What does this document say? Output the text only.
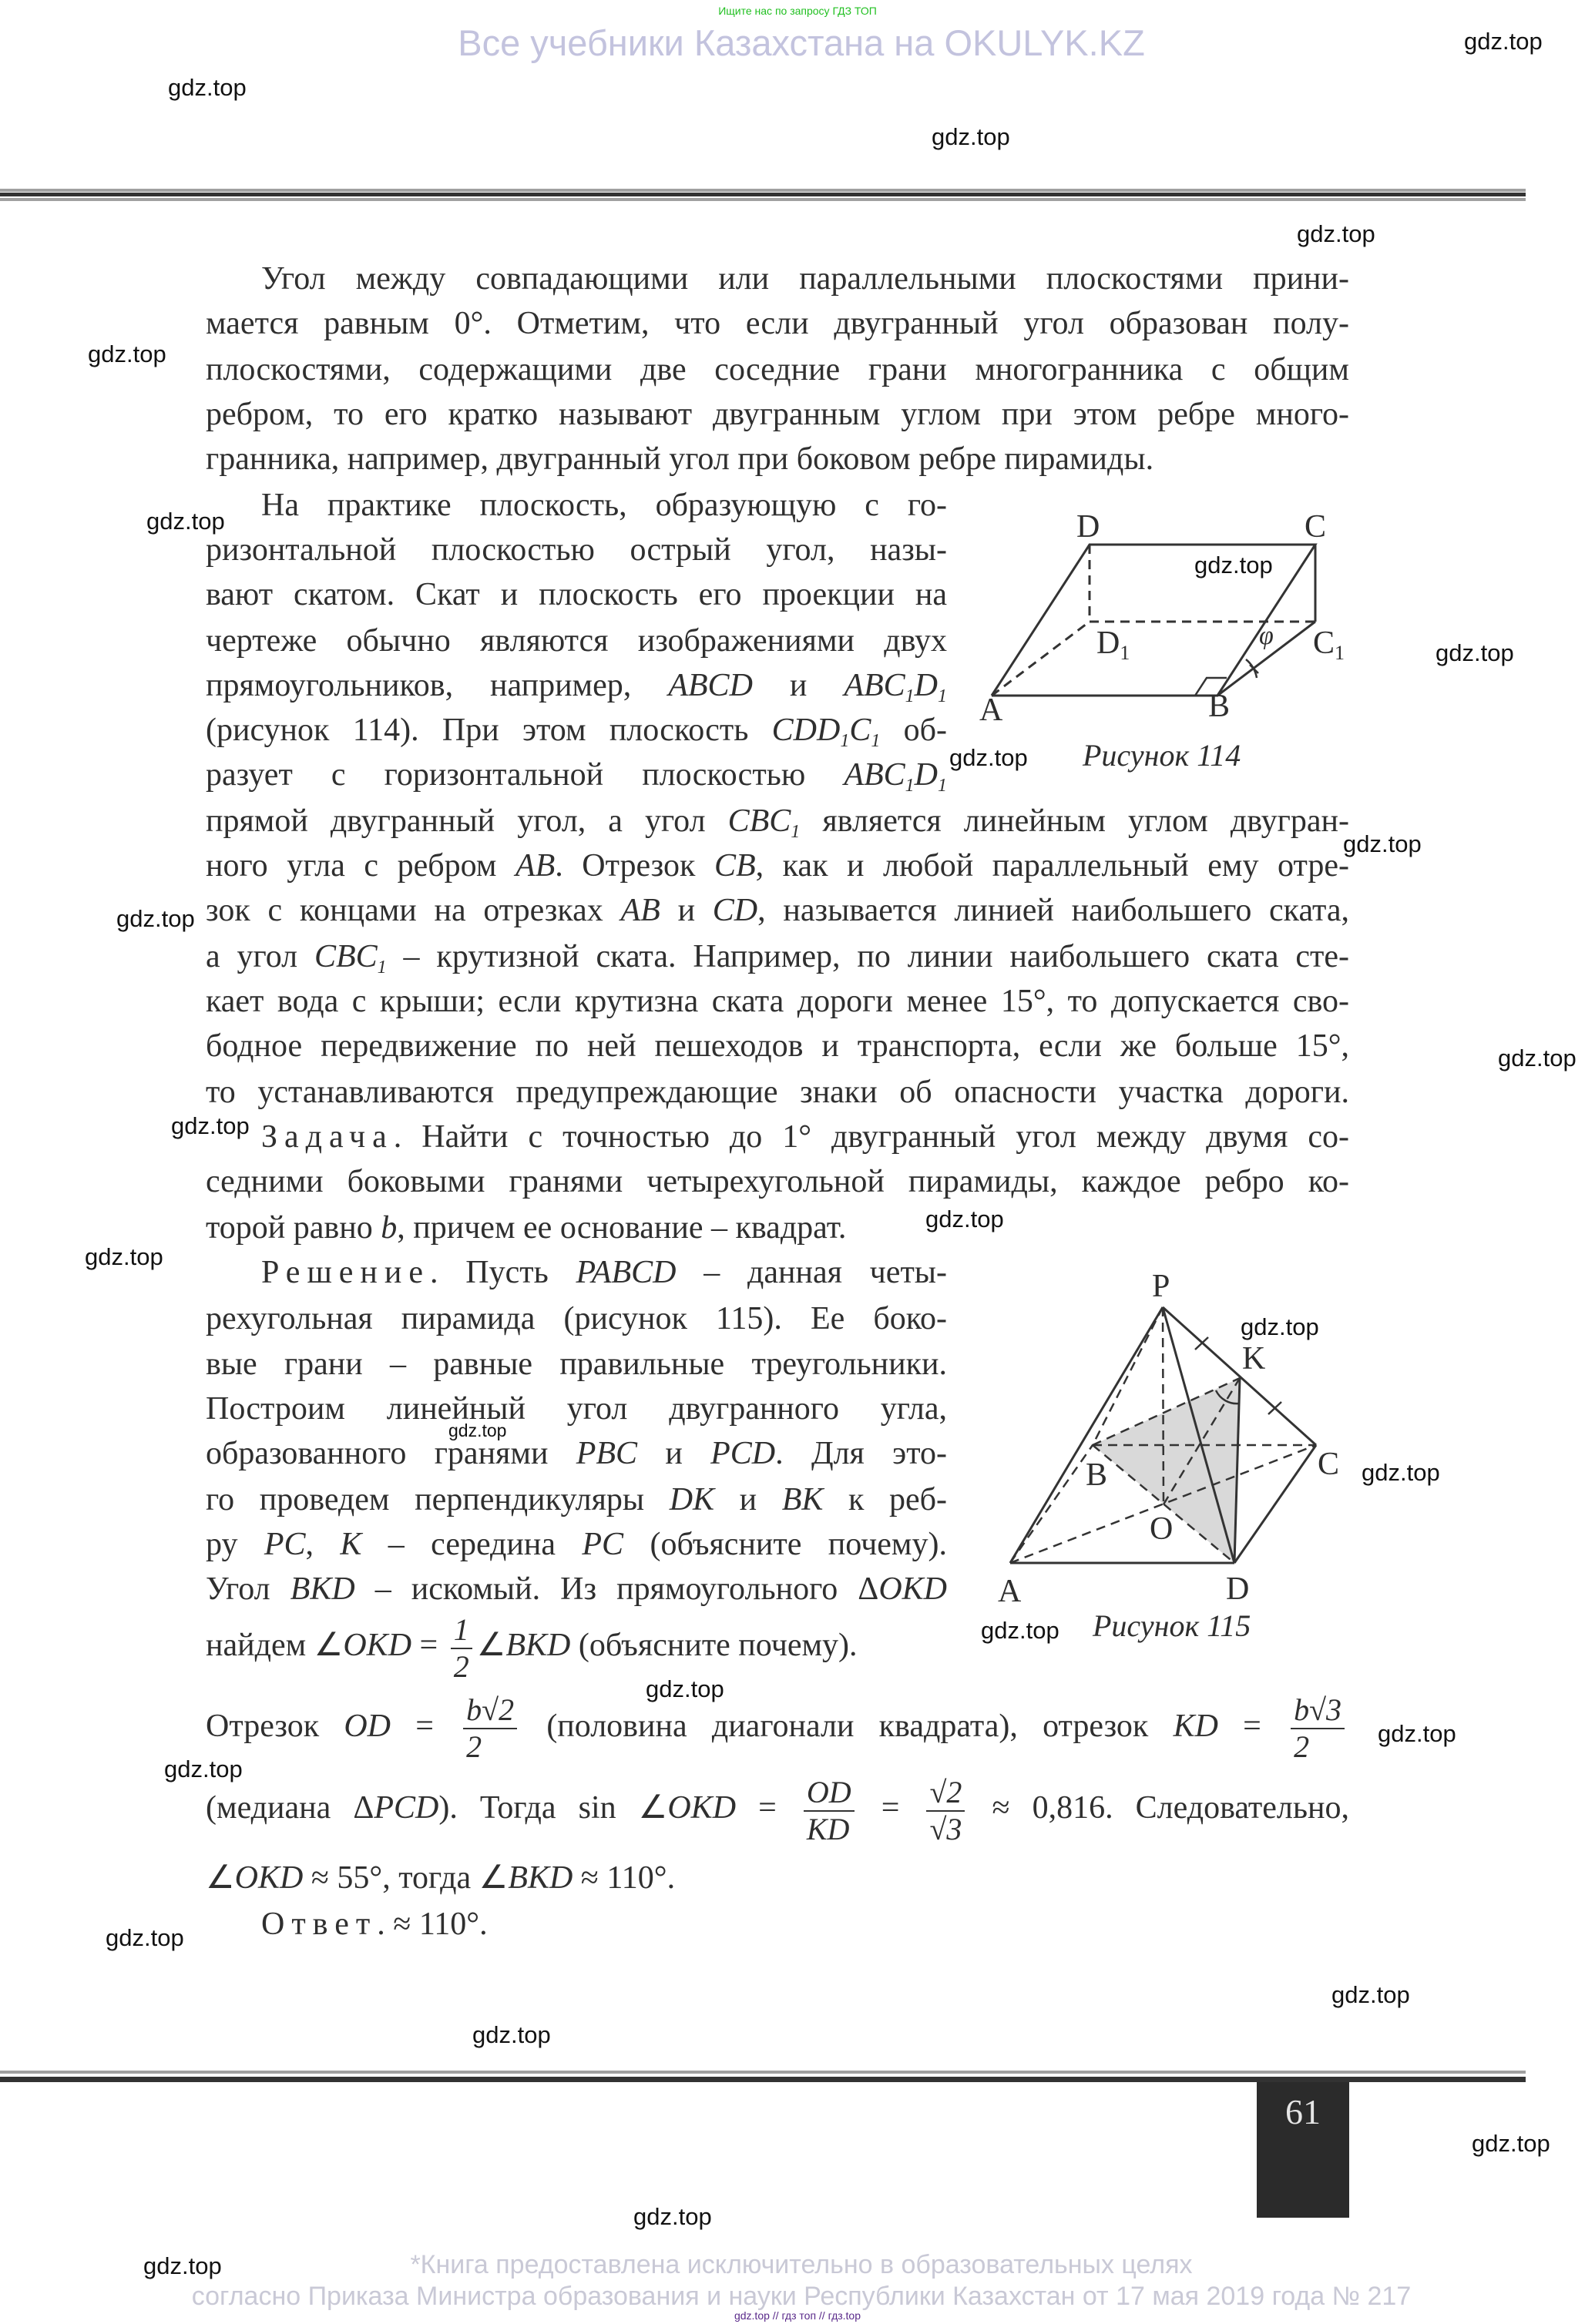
Ищите нас по запросу ГДЗ ТОП
Все учебники Казахстана на OKULYK.KZ
Угол между совпадающими или параллельными плоскостями прини-
мается равным 0°. Отметим, что если двугранный угол образован полу-
плоскостями, содержащими две соседние грани многогранника с общим
ребром, то его кратко называют двугранным углом при этом ребре много-
гранника, например, двугранный угол при боковом ребре пирамиды.
На практике плоскость, образующую с го-
ризонтальной плоскостью острый угол, назы-
вают скатом. Скат и плоскость его проекции на
чертеже обычно являются изображениями двух
прямоугольников, например, ABCD и $ABC_1D_1$
(рисунок 114). При этом плоскость $CDD_1C_1$ об-
разует с горизонтальной плоскостью $ABC_1D_1$
прямой двугранный угол, а угол $CBC_1$ является линейным углом двугран-
ного угла с ребром AB. Отрезок CB, как и любой параллельный ему отре-
зок с концами на отрезках AB и CD, называется линией наибольшего ската,
а угол $CBC_1$ – крутизной ската. Например, по линии наибольшего ската сте-
кает вода с крыши; если крутизна ската дороги менее 15°, то допускается сво-
бодное передвижение по ней пешеходов и транспорта, если же больше 15°,
то устанавливаются предупреждающие знаки об опасности участка дороги.
Задача. Найти с точностью до 1° двугранный угол между двумя со-
седними боковыми гранями четырехугольной пирамиды, каждое ребро ко-
торой равно b, причем ее основание – квадрат.
Решение. Пусть PABCD – данная четы-
рехугольная пирамида (рисунок 115). Ее боко-
вые грани – равные правильные треугольники.
Построим линейный угол двугранного угла,
образованного гранями PBC и PCD. Для это-
го проведем перпендикуляры DK и BK к реб-
ру PC, K – середина PC (объясните почему).
Угол BKD – искомый. Из прямоугольного ΔOKD
найдем ∠OKD = $\frac{1}{2}$ ∠BKD (объясните почему).
Отрезок OD = $\frac{b√2}{2}$ (половина диагонали квадрата), отрезок KD = $\frac{b√3}{2}$
(медиана ΔPCD). Тогда sin ∠OKD = $\frac{OD}{KD} = \frac{√2}{√3} \approx 0,816$. Следовательно,
∠OKD ≈ 55°, тогда ∠BKD ≈ 110°.
Ответ. ≈ 110°.
D	C
D1	C1
A	B
φ
Рисунок 114
P
K
B	C
O
A	D
Рисунок 115
61
*Книга предоставлена исключительно в образовательных целях
согласно Приказа Министра образования и науки Республики Казахстан от 17 мая 2019 года № 217
gdz.top // гдз топ // гдз.top
gdz.top
gdz.top
gdz.top
gdz.top
gdz.top
gdz.top
gdz.top
gdz.top
gdz.top
gdz.top
gdz.top
gdz.top
gdz.top
gdz.top
gdz.top
gdz.top
gdz.top
gdz.top
gdz.top
gdz.top
gdz.top
gdz.top
gdz.top
gdz.top
gdz.top
gdz.top
gdz.top
gdz.top
